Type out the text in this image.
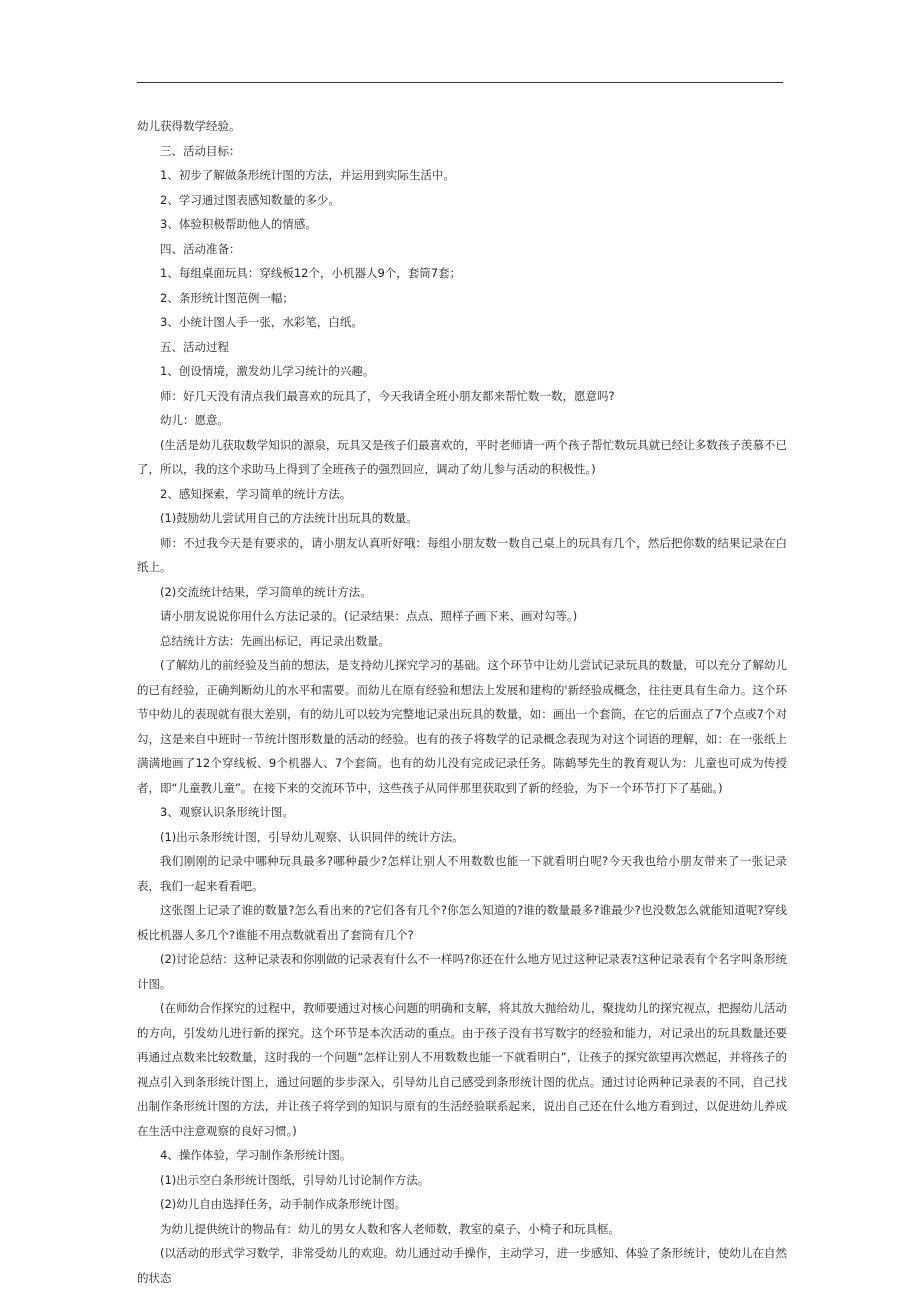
幼儿获得数学经验。

三、活动目标：

1、初步了解做条形统计图的方法，并运用到实际生活中。

2、学习通过图表感知数量的多少。

3、体验积极帮助他人的情感。

四、活动准备：

1、每组桌面玩具：穿线板12个，小机器人9个，套筒7套；

2、条形统计图范例一幅；

3、小统计图人手一张，水彩笔，白纸。

五、活动过程

1、创设情境，激发幼儿学习统计的兴趣。

师：好几天没有清点我们最喜欢的玩具了，今天我请全班小朋友都来帮忙数一数，愿意吗?

幼儿：愿意。

(生活是幼儿获取数学知识的源泉，玩具又是孩子们最喜欢的，平时老师请一两个孩子帮忙数玩具就已经让多数孩子羡慕不已了，所以，我的这个求助马上得到了全班孩子的强烈回应，调动了幼儿参与活动的积极性。)

2、感知探索，学习简单的统计方法。

(1)鼓励幼儿尝试用自己的方法统计出玩具的数量。

师：不过我今天是有要求的，请小朋友认真听好哦：每组小朋友数一数自己桌上的玩具有几个，然后把你数的结果记录在白纸上。

(2)交流统计结果，学习简单的统计方法。

请小朋友说说你用什么方法记录的。(记录结果：点点、照样子画下来、画对勾等。)

总结统计方法：先画出标记，再记录出数量。

(了解幼儿的前经验及当前的想法，是支持幼儿探究学习的基础。这个环节中让幼儿尝试记录玩具的数量，可以充分了解幼儿的已有经验，正确判断幼儿的水平和需要。而幼儿在原有经验和想法上发展和建构的'新经验成概念，往往更具有生命力。这个环节中幼儿的表现就有很大差别，有的幼儿可以较为完整地记录出玩具的数量，如：画出一个套筒，在它的后面点了7个点或7个对勾，这是来自中班时一节统计图形数量的活动的经验。也有的孩子将数学的记录概念表现为对这个词语的理解，如：在一张纸上满满地画了12个穿线板、9个机器人、7个套筒。也有的幼儿没有完成记录任务。陈鹤琴先生的教育观认为：儿童也可成为传授者，即“儿童教儿童”。在接下来的交流环节中，这些孩子从同伴那里获取到了新的经验，为下一个环节打下了基础。)

3、观察认识条形统计图。

(1)出示条形统计图，引导幼儿观察、认识同伴的统计方法。

我们刚刚的记录中哪种玩具最多?哪种最少?怎样让别人不用数数也能一下就看明白呢?今天我也给小朋友带来了一张记录表，我们一起来看看吧。

这张图上记录了谁的数量?怎么看出来的?它们各有几个?你怎么知道的?谁的数量最多?谁最少?也没数怎么就能知道呢?穿线板比机器人多几个?谁能不用点数就看出了套筒有几个?

(2)讨论总结：这种记录表和你刚做的记录表有什么不一样吗?你还在什么地方见过这种记录表?这种记录表有个名字叫条形统计图。

(在师幼合作探究的过程中，教师要通过对核心问题的明确和支解，将其放大抛给幼儿，聚拢幼儿的探究视点，把握幼儿活动的方向，引发幼儿进行新的探究。这个环节是本次活动的重点。由于孩子没有书写数字的经验和能力，对记录出的玩具数量还要再通过点数来比较数量，这时我的一个问题“怎样让别人不用数数也能一下就看明白”，让孩子的探究欲望再次燃起，并将孩子的视点引入到条形统计图上，通过问题的步步深入，引导幼儿自己感受到条形统计图的优点。通过讨论两种记录表的不同，自己找出制作条形统计图的方法，并让孩子将学到的知识与原有的生活经验联系起来，说出自己还在什么地方看到过，以促进幼儿养成在生活中注意观察的良好习惯。)

4、操作体验，学习制作条形统计图。

(1)出示空白条形统计图纸，引导幼儿讨论制作方法。

(2)幼儿自由选择任务，动手制作成条形统计图。

为幼儿提供统计的物品有：幼儿的男女人数和客人老师数，教室的桌子、小椅子和玩具框。

(以活动的形式学习数学，非常受幼儿的欢迎。幼儿通过动手操作，主动学习，进一步感知、体验了条形统计，使幼儿在自然的状态
